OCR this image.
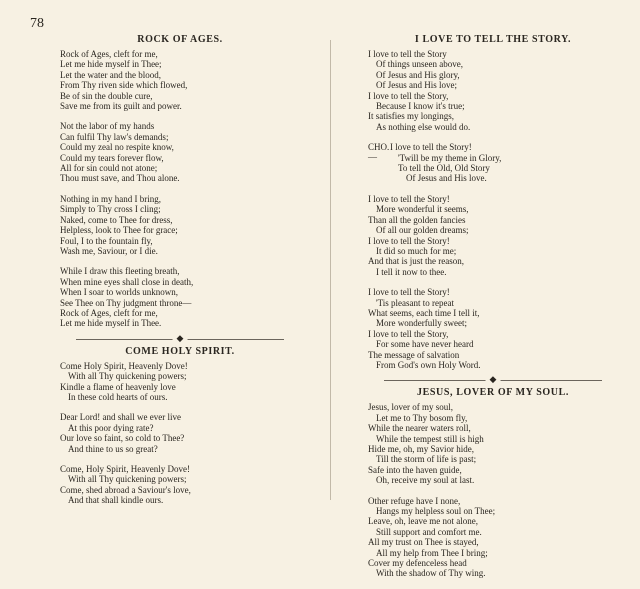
78
ROCK OF AGES.
Rock of Ages, cleft for me,
Let me hide myself in Thee;
Let the water and the blood,
From Thy riven side which flowed,
Be of sin the double cure,
Save me from its guilt and power.
Not the labor of my hands
Can fulfil Thy law's demands;
Could my zeal no respite know,
Could my tears forever flow,
All for sin could not atone;
Thou must save, and Thou alone.
Nothing in my hand I bring,
Simply to Thy cross I cling;
Naked, come to Thee for dress,
Helpless, look to Thee for grace;
Foul, I to the fountain fly,
Wash me, Saviour, or I die.
While I draw this fleeting breath,
When mine eyes shall close in death,
When I soar to worlds unknown,
See Thee on Thy judgment throne—
Rock of Ages, cleft for me,
Let me hide myself in Thee.
◆
COME HOLY SPIRIT.
Come Holy Spirit, Heavenly Dove!
With all Thy quickening powers;
Kindle a flame of heavenly love
In these cold hearts of ours.
Dear Lord! and shall we ever live
At this poor dying rate?
Our love so faint, so cold to Thee?
And thine to us so great?
Come, Holy Spirit, Heavenly Dove!
With all Thy quickening powers;
Come, shed abroad a Saviour's love,
And that shall kindle ours.
I LOVE TO TELL THE STORY.
I love to tell the Story
Of things unseen above,
Of Jesus and His glory,
Of Jesus and His love;
I love to tell the Story,
Because I know it's true;
It satisfies my longings,
As nothing else would do.
CHO.—
I love to tell the Story!
'Twill be my theme in Glory,
To tell the Old, Old Story
Of Jesus and His love.
I love to tell the Story!
More wonderful it seems,
Than all the golden fancies
Of all our golden dreams;
I love to tell the Story!
It did so much for me;
And that is just the reason,
I tell it now to thee.
I love to tell the Story!
'Tis pleasant to repeat
What seems, each time I tell it,
More wonderfully sweet;
I love to tell the Story,
For some have never heard
The message of salvation
From God's own Holy Word.
◆
JESUS, LOVER OF MY SOUL.
Jesus, lover of my soul,
Let me to Thy bosom fly,
While the nearer waters roll,
While the tempest still is high
Hide me, oh, my Savior hide,
Till the storm of life is past;
Safe into the haven guide,
Oh, receive my soul at last.
Other refuge have I none,
Hangs my helpless soul on Thee;
Leave, oh, leave me not alone,
Still support and comfort me.
All my trust on Thee is stayed,
All my help from Thee I bring;
Cover my defenceless head
With the shadow of Thy wing.
